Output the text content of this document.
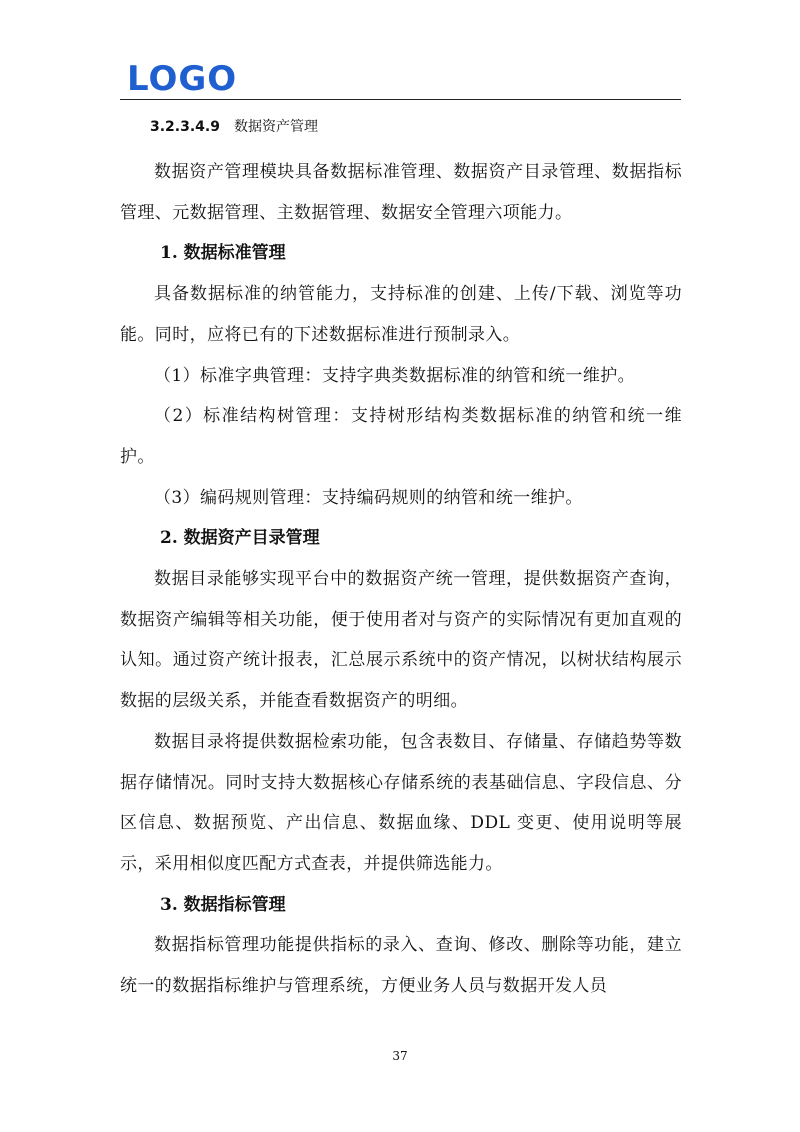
LOGO
3.2.3.4.9 数据资产管理

数据资产管理模块具备数据标准管理、数据资产目录管理、数据指标管理、元数据管理、主数据管理、数据安全管理六项能力。

1. 数据标准管理

具备数据标准的纳管能力，支持标准的创建、上传/下载、浏览等功能。同时，应将已有的下述数据标准进行预制录入。

（1）标准字典管理：支持字典类数据标准的纳管和统一维护。

（2）标准结构树管理：支持树形结构类数据标准的纳管和统一维护。

（3）编码规则管理：支持编码规则的纳管和统一维护。

2. 数据资产目录管理

数据目录能够实现平台中的数据资产统一管理，提供数据资产查询，数据资产编辑等相关功能，便于使用者对与资产的实际情况有更加直观的认知。通过资产统计报表，汇总展示系统中的资产情况，以树状结构展示数据的层级关系，并能查看数据资产的明细。

数据目录将提供数据检索功能，包含表数目、存储量、存储趋势等数据存储情况。同时支持大数据核心存储系统的表基础信息、字段信息、分区信息、数据预览、产出信息、数据血缘、DDL 变更、使用说明等展示，采用相似度匹配方式查表，并提供筛选能力。

3. 数据指标管理

数据指标管理功能提供指标的录入、查询、修改、删除等功能，建立统一的数据指标维护与管理系统，方便业务人员与数据开发人员

37
